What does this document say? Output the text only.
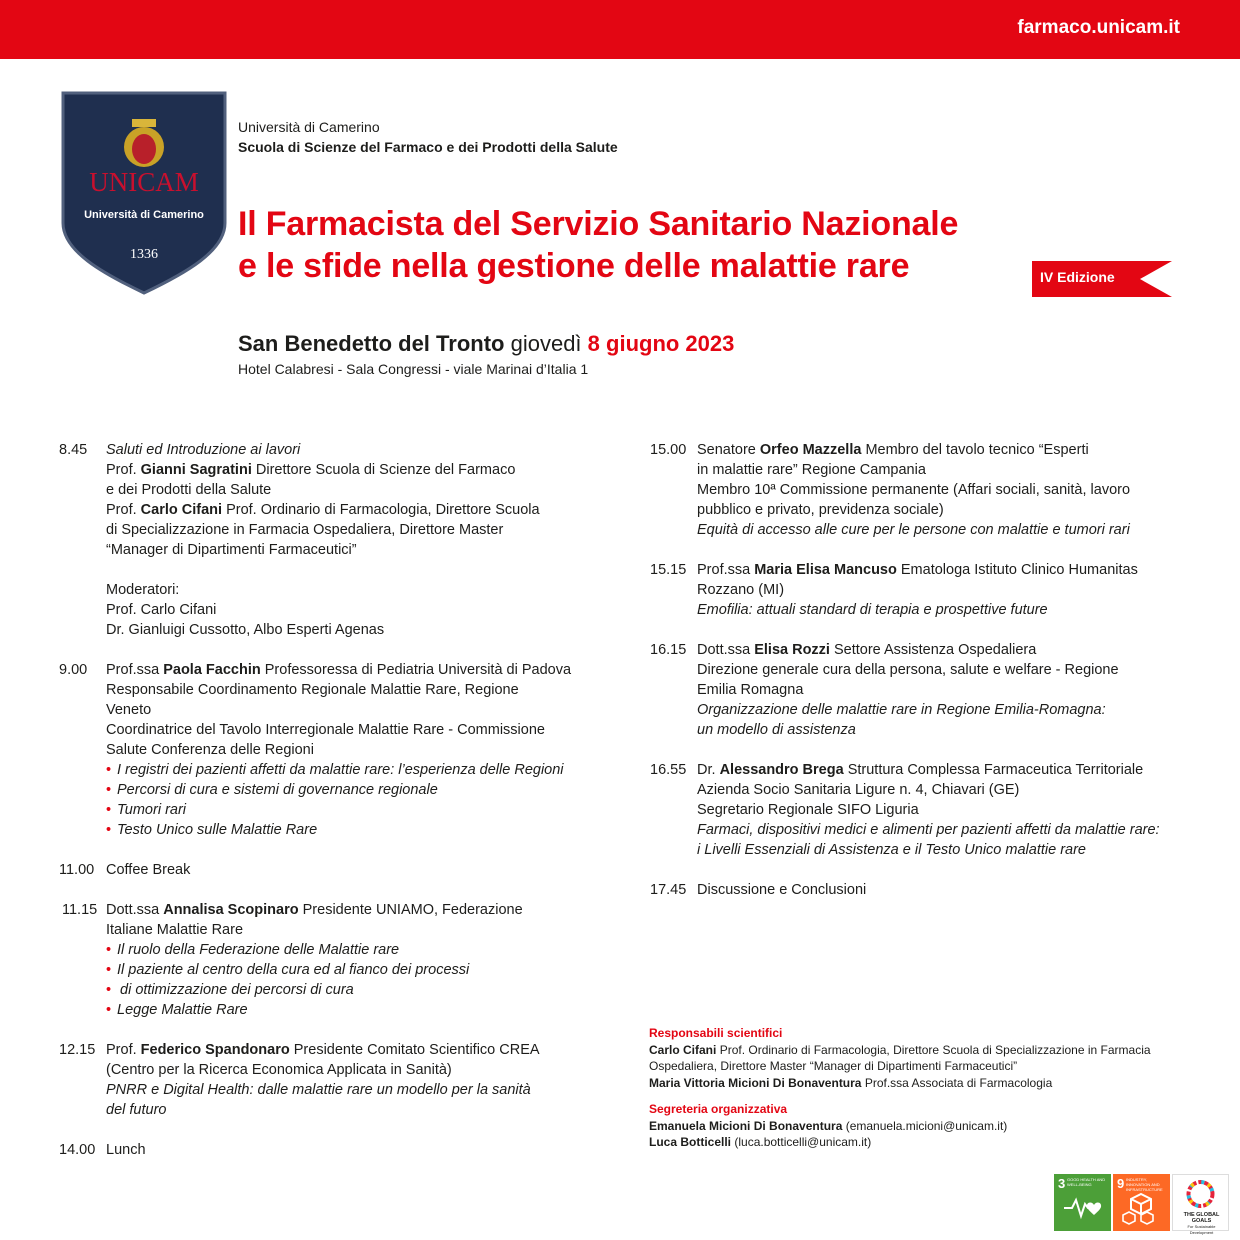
farmaco.unicam.it
UNICAM
Università di Camerino
1336
Università di Camerino
Scuola di Scienze del Farmaco e dei Prodotti della Salute
Il Farmacista del Servizio Sanitario Nazionale
e le sfide nella gestione delle malattie rare	IV Edizione
San Benedetto del Tronto giovedì 8 giugno 2023
Hotel Calabresi - Sala Congressi - viale Marinai d’Italia 1
8.45 Saluti ed Introduzione ai lavori

Prof. Gianni Sagratini Direttore Scuola di Scienze del Farmaco

e dei Prodotti della Salute

Prof. Carlo Cifani Prof. Ordinario di Farmacologia, Direttore Scuola

di Specializzazione in Farmacia Ospedaliera, Direttore Master

“Manager di Dipartimenti Farmaceutici”

Moderatori:

Prof. Carlo Cifani

Dr. Gianluigi Cussotto, Albo Esperti Agenas

9.00 Prof.ssa Paola Facchin Professoressa di Pediatria Università di Padova

Responsabile Coordinamento Regionale Malattie Rare, Regione

Veneto

Coordinatrice del Tavolo Interregionale Malattie Rare - Commissione

Salute Conferenza delle Regioni

• I registri dei pazienti affetti da malattie rare: l’esperienza delle Regioni
• Percorsi di cura e sistemi di governance regionale
• Tumori rari
• Testo Unico sulle Malattie Rare
11.00 Coffee Break

11.15 Dott.ssa Annalisa Scopinaro Presidente UNIAMO, Federazione

Italiane Malattie Rare

• Il ruolo della Federazione delle Malattie rare
• Il paziente al centro della cura ed al fianco dei processi
• di ottimizzazione dei percorsi di cura
• Legge Malattie Rare
12.15 Prof. Federico Spandonaro Presidente Comitato Scientifico CREA

(Centro per la Ricerca Economica Applicata in Sanità)

PNRR e Digital Health: dalle malattie rare un modello per la sanità

del futuro

14.00 Lunch

15.00 Senatore Orfeo Mazzella Membro del tavolo tecnico “Esperti

in malattie rare” Regione Campania

Membro 10ª Commissione permanente (Affari sociali, sanità, lavoro

pubblico e privato, previdenza sociale)

Equità di accesso alle cure per le persone con malattie e tumori rari

15.15 Prof.ssa Maria Elisa Mancuso Ematologa Istituto Clinico Humanitas

Rozzano (MI)

Emofilia: attuali standard di terapia e prospettive future

16.15 Dott.ssa Elisa Rozzi Settore Assistenza Ospedaliera

Direzione generale cura della persona, salute e welfare - Regione

Emilia Romagna

Organizzazione delle malattie rare in Regione Emilia-Romagna:

un modello di assistenza

16.55 Dr. Alessandro Brega Struttura Complessa Farmaceutica Territoriale

Azienda Socio Sanitaria Ligure n. 4, Chiavari (GE)

Segretario Regionale SIFO Liguria

Farmaci, dispositivi medici e alimenti per pazienti affetti da malattie rare:

i Livelli Essenziali di Assistenza e il Testo Unico malattie rare

17.45 Discussione e Conclusioni

Responsabili scientifici

Carlo Cifani Prof. Ordinario di Farmacologia, Direttore Scuola di Specializzazione in Farmacia

Ospedaliera, Direttore Master “Manager di Dipartimenti Farmaceutici”

Maria Vittoria Micioni Di Bonaventura Prof.ssa Associata di Farmacologia

Segreteria organizzativa

Emanuela Micioni Di Bonaventura (emanuela.micioni@unicam.it)

Luca Botticelli (luca.botticelli@unicam.it)

3 GOOD HEALTH AND WELL-BEING	9 INDUSTRY, INNOVATION AND INFRASTRUCTURE
THE GLOBAL GOALS
For Sustainable Development
